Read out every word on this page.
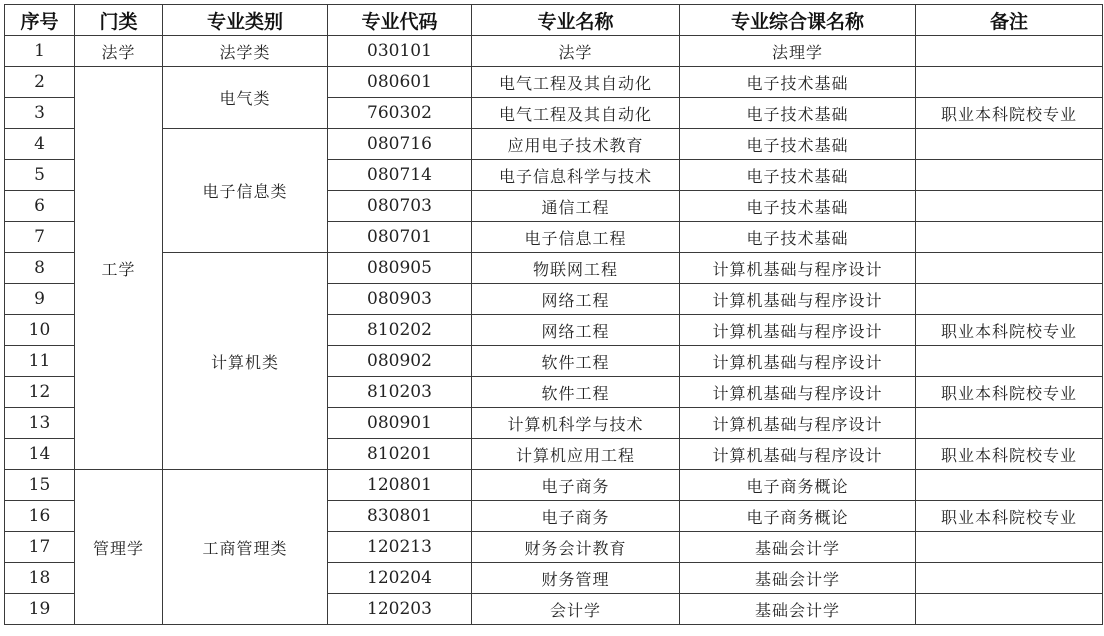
序号	门类	专业类别	专业代码	专业名称	专业综合课名称	备注
1	法学	法学类	030101	法学	法理学	
2	工学	电气类	080601	电气工程及其自动化	电子技术基础	
3			760302	电气工程及其自动化	电子技术基础	职业本科院校专业
4		电子信息类	080716	应用电子技术教育	电子技术基础	
5			080714	电子信息科学与技术	电子技术基础	
6			080703	通信工程	电子技术基础	
7			080701	电子信息工程	电子技术基础	
8		计算机类	080905	物联网工程	计算机基础与程序设计	
9			080903	网络工程	计算机基础与程序设计	
10			810202	网络工程	计算机基础与程序设计	职业本科院校专业
11			080902	软件工程	计算机基础与程序设计	
12			810203	软件工程	计算机基础与程序设计	职业本科院校专业
13			080901	计算机科学与技术	计算机基础与程序设计	
14			810201	计算机应用工程	计算机基础与程序设计	职业本科院校专业
15	管理学	工商管理类	120801	电子商务	电子商务概论	
16			830801	电子商务	电子商务概论	职业本科院校专业
17			120213	财务会计教育	基础会计学	
18			120204	财务管理	基础会计学	
19			120203	会计学	基础会计学	
